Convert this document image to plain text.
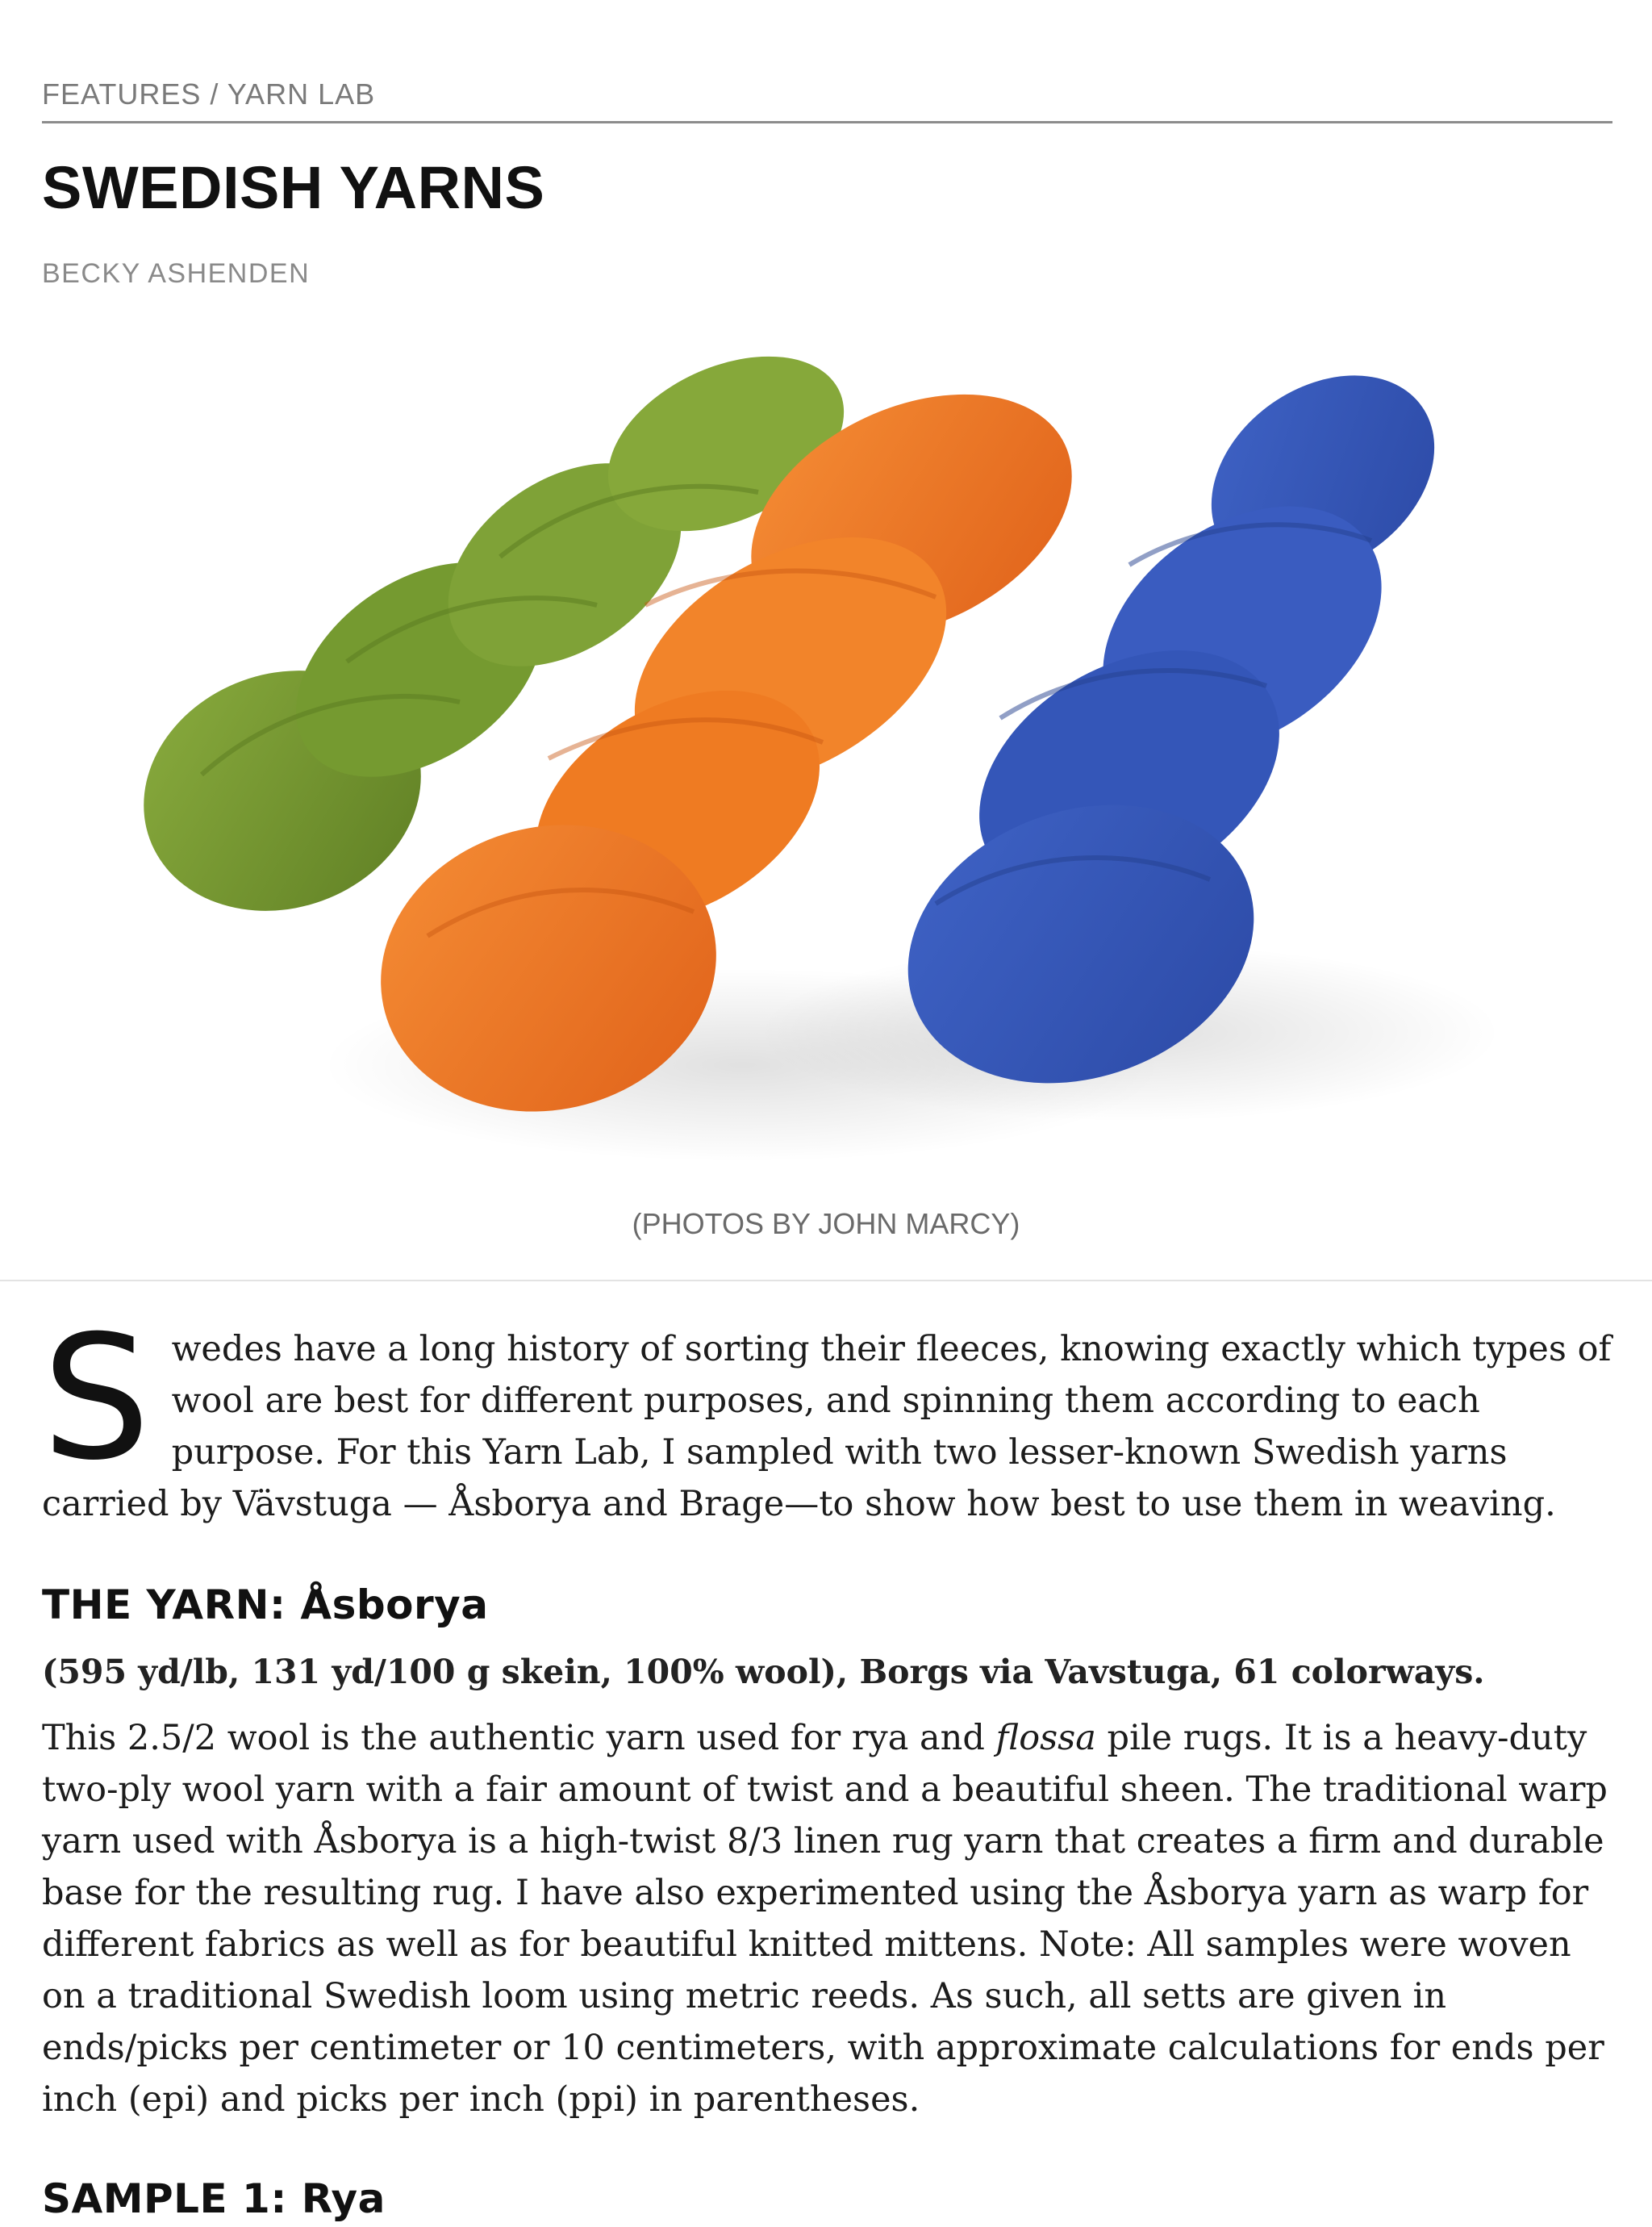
FEATURES / YARN LAB
SWEDISH YARNS
BECKY ASHENDEN
(PHOTOS BY JOHN MARCY)

Swedes have a long history of sorting their fleeces, knowing exactly which types of wool are best for different purposes, and spinning them according to each purpose. For this Yarn Lab, I sampled with two lesser-known Swedish yarns carried by Vävstuga — Åsborya and Brage—to show how best to use them in weaving.

THE YARN: Åsborya

(595 yd/lb, 131 yd/100 g skein, 100% wool), Borgs via Vavstuga, 61 colorways.

This 2.5/2 wool is the authentic yarn used for rya and flossa pile rugs. It is a heavy-duty two-ply wool yarn with a fair amount of twist and a beautiful sheen. The traditional warp yarn used with Åsborya is a high-twist 8/3 linen rug yarn that creates a firm and durable base for the resulting rug. I have also experimented using the Åsborya yarn as warp for different fabrics as well as for beautiful knitted mittens. Note: All samples were woven on a traditional Swedish loom using metric reeds. As such, all setts are given in ends/picks per centimeter or 10 centimeters, with approximate calculations for ends per inch (epi) and picks per inch (ppi) in parentheses.

SAMPLE 1: Rya
